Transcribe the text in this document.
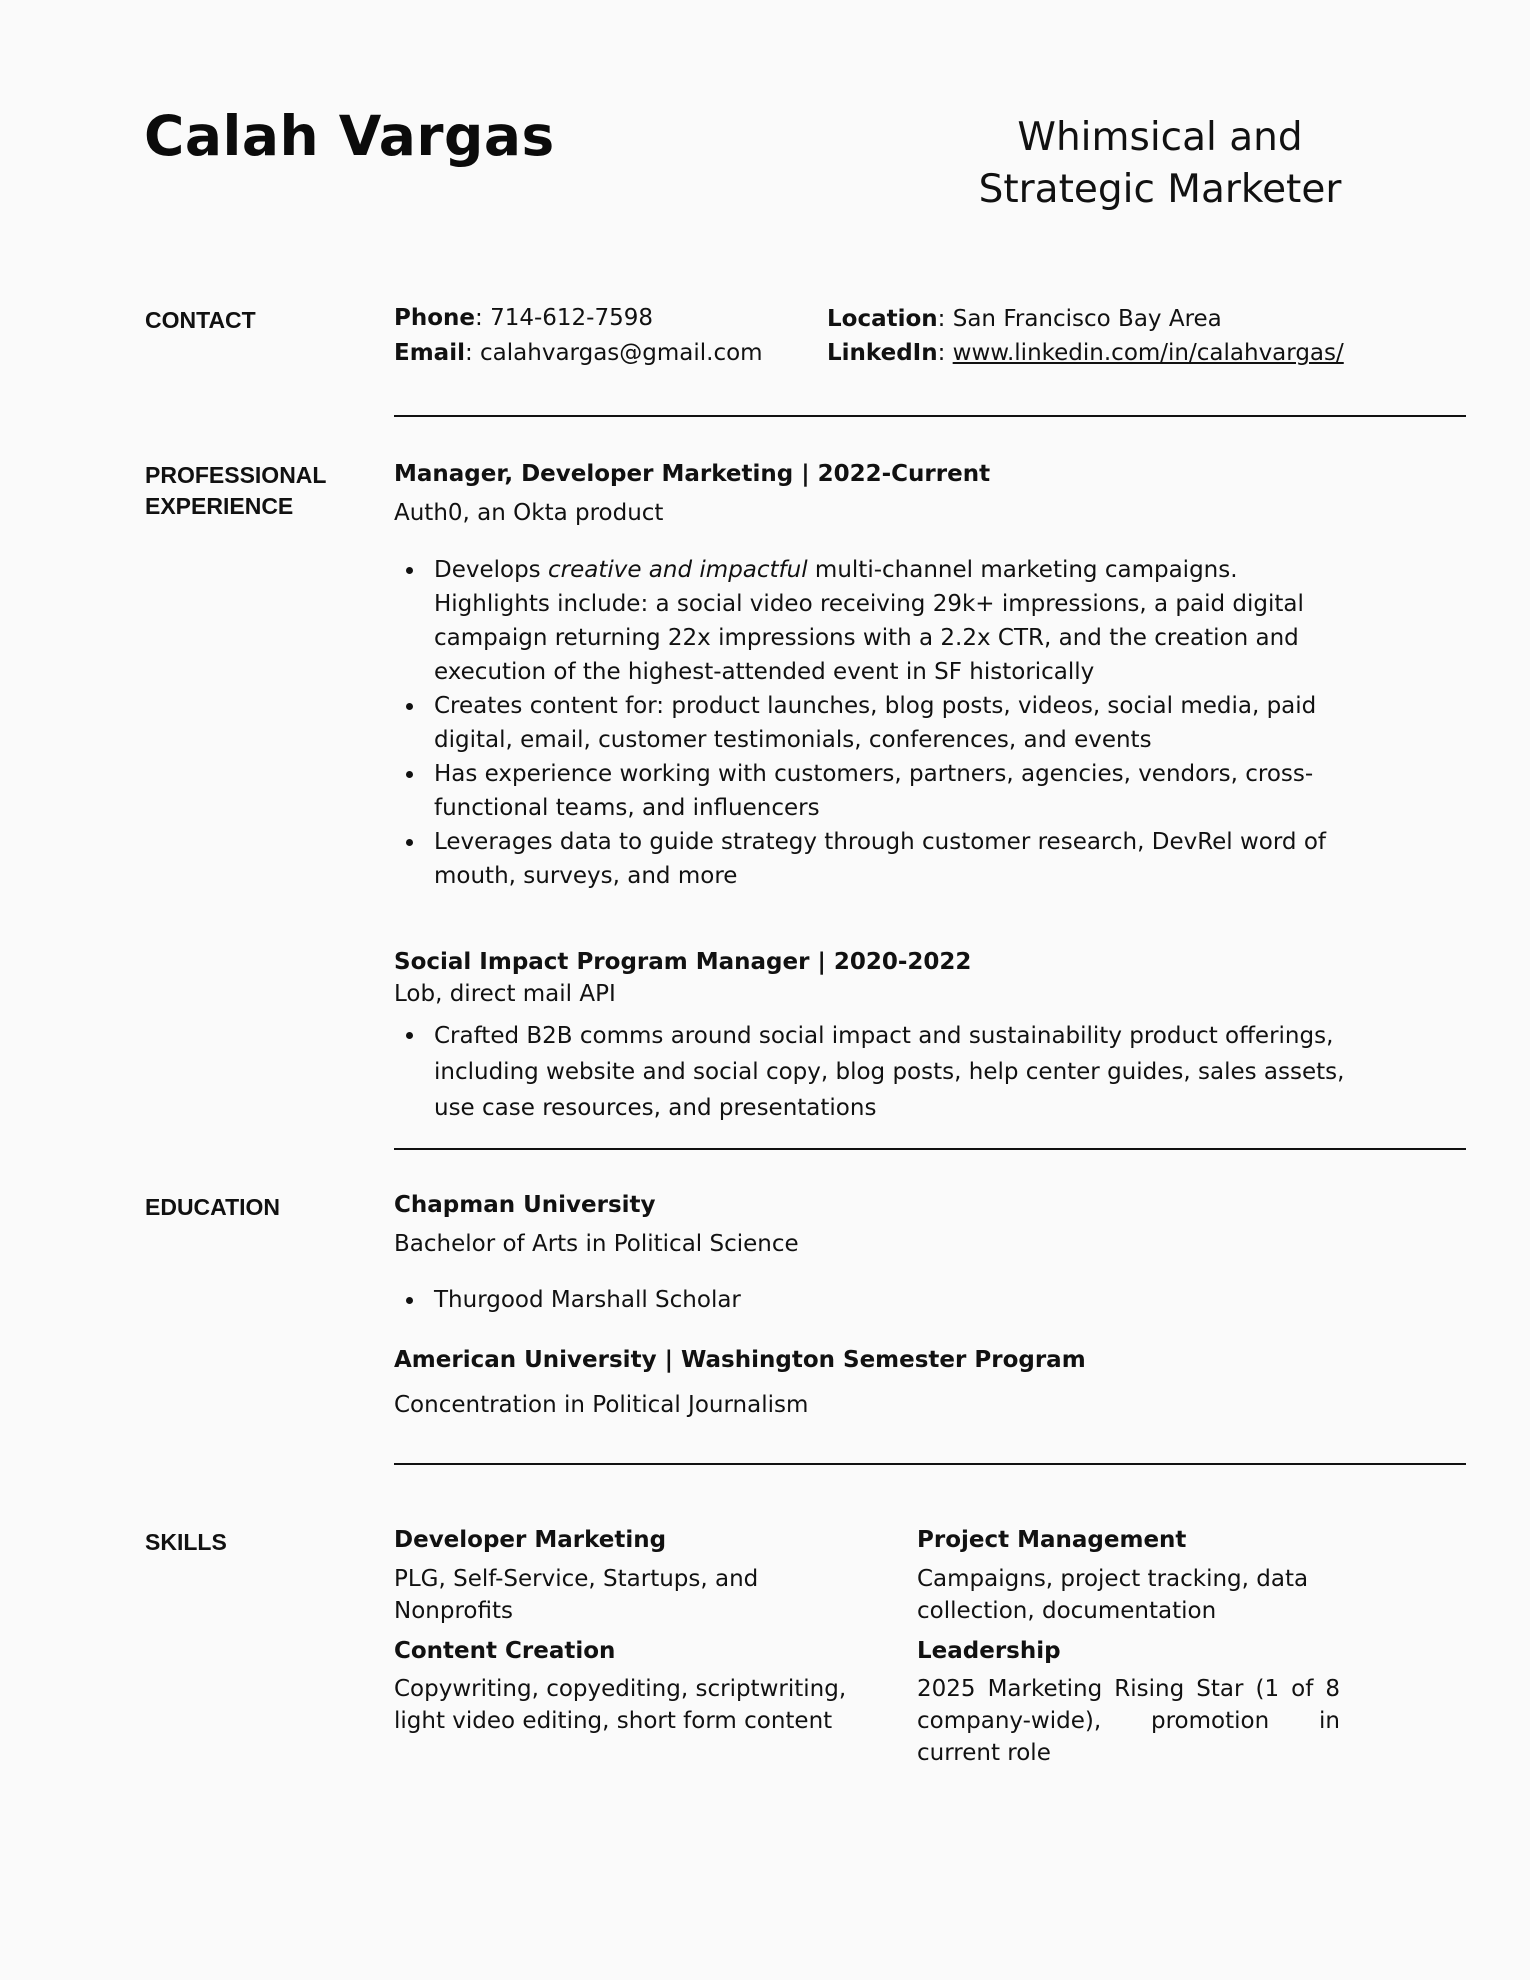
Calah Vargas	Whimsical and
Strategic Marketer
CONTACT	Phone: 714-612-7598
Email: calahvargas@gmail.com
Location: San Francisco Bay Area
LinkedIn: www.linkedin.com/in/calahvargas/
PROFESSIONAL
EXPERIENCE
Manager, Developer Marketing | 2022-Current
Auth0, an Okta product
Develops creative and impactful multi-channel marketing campaigns. Highlights include: a social video receiving 29k+ impressions, a paid digital campaign returning 22x impressions with a 2.2x CTR, and the creation and execution of the highest-attended event in SF historically
Creates content for: product launches, blog posts, videos, social media, paid digital, email, customer testimonials, conferences, and events
Has experience working with customers, partners, agencies, vendors, cross-functional teams, and influencers
Leverages data to guide strategy through customer research, DevRel word of mouth, surveys, and more
Social Impact Program Manager | 2020-2022
Lob, direct mail API
Crafted B2B comms around social impact and sustainability product offerings, including website and social copy, blog posts, help center guides, sales assets, use case resources, and presentations
EDUCATION	Chapman University
Bachelor of Arts in Political Science
Thurgood Marshall Scholar
American University | Washington Semester Program
Concentration in Political Journalism
SKILLS	Developer Marketing
PLG, Self-Service, Startups, and Nonprofits
Project Management
Campaigns, project tracking, data collection, documentation
Content Creation
Copywriting, copyediting, scriptwriting, light video editing, short form content
Leadership
2025 Marketing Rising Star (1 of 8 company-wide), promotion in current role
